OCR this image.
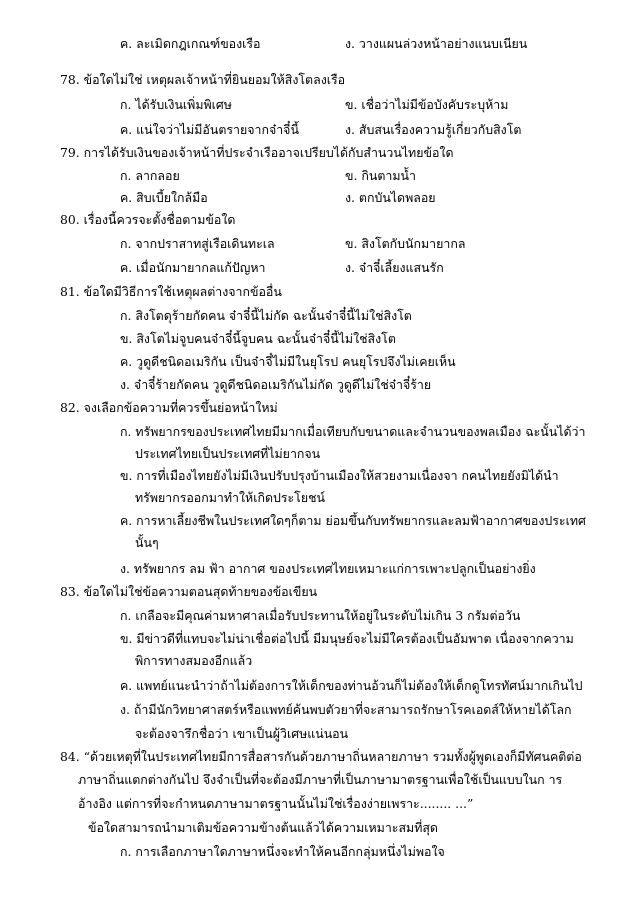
ค. ละเมิดกฎเกณฑ์ของเรือ	ง. วางแผนล่วงหน้าอย่างแนบเนียน
78. ข้อใดไม่ใช่ เหตุผลเจ้าหน้าที่ยินยอมให้สิงโตลงเรือ
ก. ได้รับเงินเพิ่มพิเศษ	ข. เชื่อว่าไม่มีข้อบังคับระบุห้าม
ค. แน่ใจว่าไม่มีอันตรายจากจ๋าจี๋นี้	ง. สับสนเรื่องความรู้เกี่ยวกับสิงโต
79. การได้รับเงินของเจ้าหน้าที่ประจำเรืออาจเปรียบได้กับสำนวนไทยข้อใด
ก. ลากลอย	ข. กินตามน้ำ
ค. สิบเบี้ยใกล้มือ	ง. ตกบันไดพลอย
80. เรื่องนี้ควรจะตั้งชื่อตามข้อใด
ก. จากปราสาทสู่เรือเดินทะเล	ข. สิงโตกับนักมายากล
ค. เมื่อนักมายากลแก้ปัญหา	ง. จ๋าจี๋เลี้ยงแสนรัก
81. ข้อใดมีวิธีการใช้เหตุผลต่างจากข้ออื่น
ก. สิงโตดุร้ายกัดคน จ๋าจี๋นี้ไม่กัด ฉะนั้นจ๋าจี๋นี้ไม่ใช่สิงโต
ข. สิงโตไม่จูบคนจ๋าจี๋นี้จูบคน ฉะนั้นจ๋าจี๋นี้ไม่ใช่สิงโต
ค. วูดูดีชนิดอเมริกัน เป็นจ๋าจี๋ไม่มีในยุโรป คนยุโรปจึงไม่เคยเห็น
ง. จ๋าจี๋ร้ายกัดคน วูดูดีชนิดอเมริกันไม่กัด วูดูดีไม่ใช่จ๋าจี๋ร้าย
82. จงเลือกข้อความที่ควรขึ้นย่อหน้าใหม่
ก. ทรัพยากรของประเทศไทยมีมากเมื่อเทียบกับขนาดและจำนวนของพลเมือง ฉะนั้นได้ว่า
ประเทศไทยเป็นประเทศที่ไม่ยากจน
ข. การที่เมืองไทยยังไม่มีเงินปรับปรุงบ้านเมืองให้สวยงามเนื่องจา กคนไทยยังมิได้นำ
ทรัพยากรออกมาทำให้เกิดประโยชน์
ค. การหาเลี้ยงชีพในประเทศใดๆก็ตาม ย่อมขึ้นกับทรัพยากรและลมฟ้าอากาศของประเทศ
นั้นๆ
ง. ทรัพยากร ลม ฟ้า อากาศ ของประเทศไทยเหมาะแก่การเพาะปลูกเป็นอย่างยิ่ง
83. ข้อใดไม่ใช่ข้อความตอนสุดท้ายของข้อเขียน
ก. เกลือจะมีคุณค่ามหาศาลเมื่อรับประทานให้อยู่ในระดับไม่เกิน 3 กรัมต่อวัน
ข. มีข่าวดีที่แทบจะไม่น่าเชื่อต่อไปนี้ มีมนุษย์จะไม่มีใครต้องเป็นอัมพาต เนื่องจากความ
พิการทางสมองอีกแล้ว
ค. แพทย์แนะนำว่าถ้าไม่ต้องการให้เด็กของท่านอ้วนก็ไม่ต้องให้เด็กดูโทรทัศน์มากเกินไป
ง. ถ้ามีนักวิทยาศาสตร์หรือแพทย์ค้นพบตัวยาที่จะสามารถรักษาโรคเอดส์ให้หายได้โลก
จะต้องจารึกชื่อว่า เขาเป็นผู้วิเศษแน่นอน
84. “ด้วยเหตุที่ในประเทศไทยมีการสื่อสารกันด้วยภาษาถิ่นหลายภาษา รวมทั้งผู้พูดเองก็มีทัศนคติต่อ
ภาษาถิ่นแตกต่างกันไป จึงจำเป็นที่จะต้องมีภาษาที่เป็นภาษามาตรฐานเพื่อใช้เป็นแบบในก าร
อ้างอิง แต่การที่จะกำหนดภาษามาตรฐานนั้นไม่ใช่เรื่องง่ายเพราะ........ ...”
ข้อใดสามารถนำมาเติมข้อความข้างต้นแล้วได้ความเหมาะสมที่สุด
ก. การเลือกภาษาใดภาษาหนึ่งจะทำให้คนอีกกลุ่มหนึ่งไม่พอใจ
